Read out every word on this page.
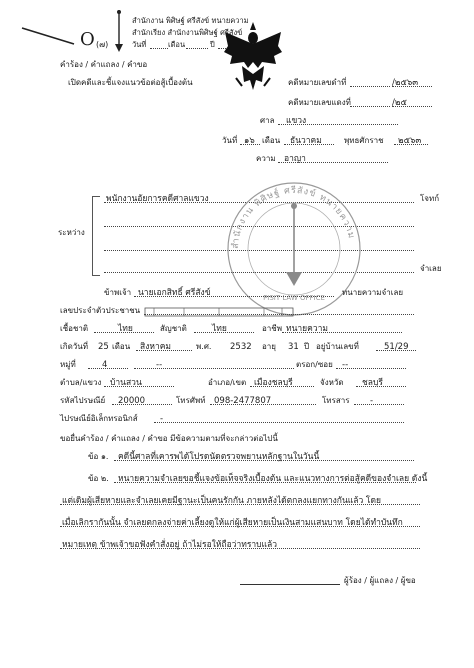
O (๗)
สำนักงาน พิศิษฐ์ ศรีสังข์ ทนายความ
สำนักเรียง สำนักงานพิศิษฐ์ ศรีสังข์
วันที่	เดือน	ปี
คำร้อง / คำแถลง / คำขอ
เปิดคดีและชี้แจงแนวข้อต่อสู้เบื้องต้น	คดีหมายเลขดำที่	/๒๕๖๓
คดีหมายเลขแดงที่	/๒๕
ศาล แขวง
วันที่ ๑๖ เดือน ธันวาคม	พุทธศักราช ๒๕๖๓
ความ อาญา
ระหว่าง
พนักงานอัยการคดีศาลแขวง	โจทก์
จำเลย
สำนักงาน พิศิษฐ์ ศรีสังข์ ทนายความ
PISIT LAW OFFICE
ข้าพเจ้า นายเอกสิทธิ์ ศรีสังข์	ทนายความจำเลย
เลขประจำตัวประชาชน
เชื้อชาติ	ไทย	สัญชาติ	ไทย	อาชีพ ทนายความ
เกิดวันที่ 25 เดือน สิงหาคม	พ.ศ. 2532 อายุ 31 ปี อยู่บ้านเลขที่	51/29
หมู่ที่	4	--	ตรอก/ซอย --
ตำบล/แขวง บ้านสวน	อำเภอ/เขต เมืองชลบุรี	จังหวัด ชลบุรี
รหัสไปรษณีย์ 20000	โทรศัพท์ 098-2477807	โทรสาร -
ไปรษณีย์อิเล็กทรอนิกส์	-
ขอยื่นคำร้อง / คำแถลง / คำขอ มีข้อความตามที่จะกล่าวต่อไปนี้
ข้อ ๑. คดีนี้ศาลที่เคารพได้โปรดนัดตรวจพยานหลักฐานในวันนี้
ข้อ ๒. หนายความจำเลยขอชี้แจงข้อเท็จจริงเบื้องต้น และแนวทางการต่อสู้คดีของจำเลย ดังนี้
แต่เดิมผู้เสียหายและจำเลยเคยมีฐานะเป็นคนรักกัน ภายหลังได้ตกลงแยกทางกันแล้ว โดย
เมื่อเลิกรากันนั้น จำเลยตกลงจ่ายค่าเลี้ยงดูให้แก่ผู้เสียหายเป็นเงินสามแสนบาท โดยได้ทำบันทึก
หมายเหตุ ข้าพเจ้าขอฟังคำสั่งอยู่ ถ้าไม่รอให้ถือว่าทราบแล้ว
ผู้ร้อง / ผู้แถลง / ผู้ขอ
